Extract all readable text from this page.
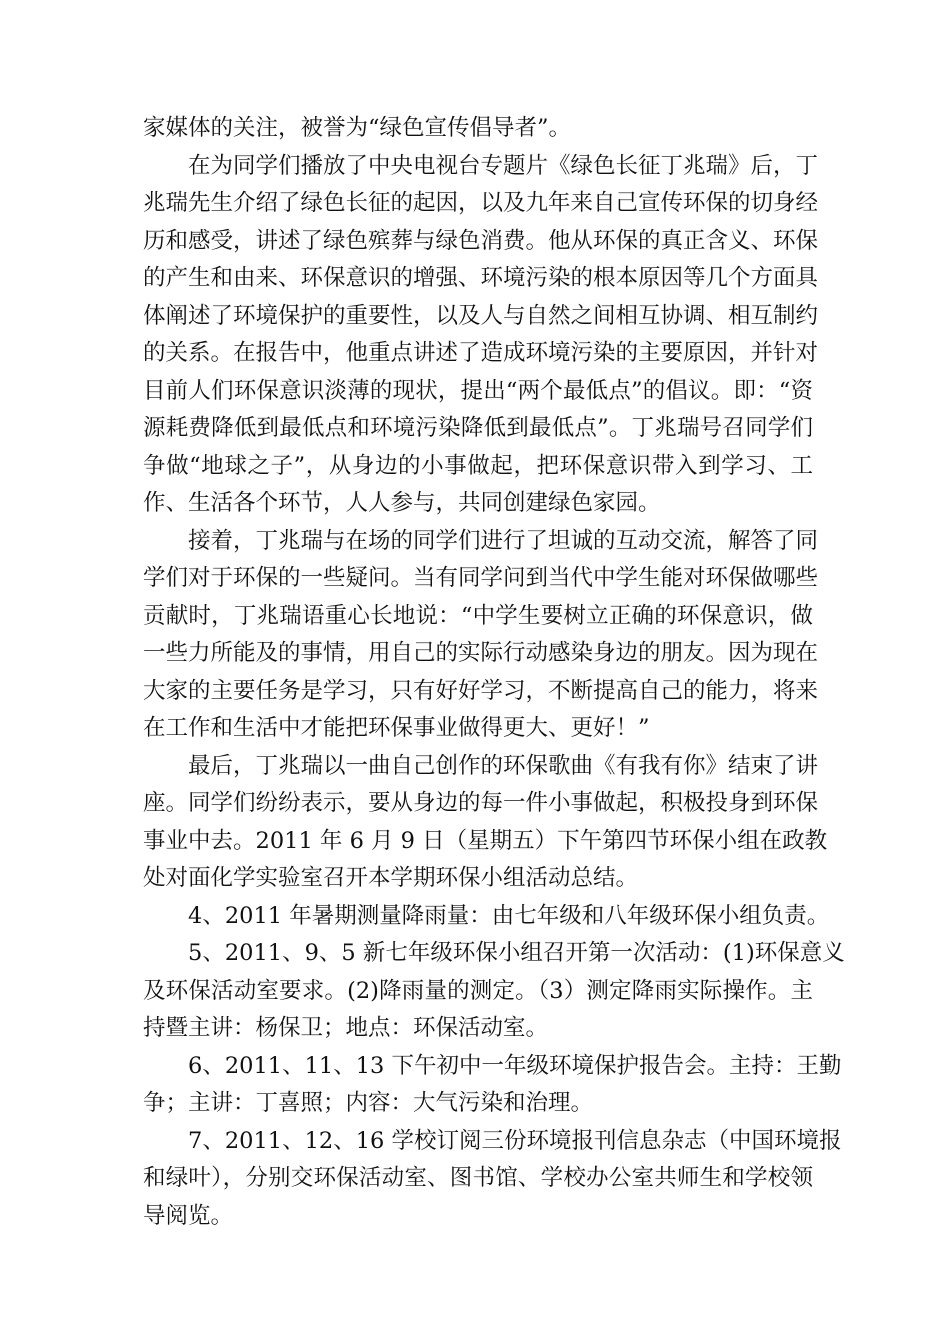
家媒体的关注，被誉为“绿色宣传倡导者”。
在为同学们播放了中央电视台专题片《绿色长征丁兆瑞》后，丁
兆瑞先生介绍了绿色长征的起因，以及九年来自己宣传环保的切身经
历和感受，讲述了绿色殡葬与绿色消费。他从环保的真正含义、环保
的产生和由来、环保意识的增强、环境污染的根本原因等几个方面具
体阐述了环境保护的重要性，以及人与自然之间相互协调、相互制约
的关系。在报告中，他重点讲述了造成环境污染的主要原因，并针对
目前人们环保意识淡薄的现状，提出“两个最低点”的倡议。即：“资
源耗费降低到最低点和环境污染降低到最低点”。丁兆瑞号召同学们
争做“地球之子”，从身边的小事做起，把环保意识带入到学习、工
作、生活各个环节，人人参与，共同创建绿色家园。
接着，丁兆瑞与在场的同学们进行了坦诚的互动交流，解答了同
学们对于环保的一些疑问。当有同学问到当代中学生能对环保做哪些
贡献时，丁兆瑞语重心长地说：“中学生要树立正确的环保意识，做
一些力所能及的事情，用自己的实际行动感染身边的朋友。因为现在
大家的主要任务是学习，只有好好学习，不断提高自己的能力，将来
在工作和生活中才能把环保事业做得更大、更好！”
最后，丁兆瑞以一曲自己创作的环保歌曲《有我有你》结束了讲
座。同学们纷纷表示，要从身边的每一件小事做起，积极投身到环保
事业中去。2011 年 6 月 9 日（星期五）下午第四节环保小组在政教
处对面化学实验室召开本学期环保小组活动总结。
4、2011 年暑期测量降雨量：由七年级和八年级环保小组负责。
5、2011、9、5 新七年级环保小组召开第一次活动：(1)环保意义
及环保活动室要求。(2)降雨量的测定。（3）测定降雨实际操作。主
持暨主讲：杨保卫；地点：环保活动室。
6、2011、11、13 下午初中一年级环境保护报告会。主持：王勤
争；主讲：丁喜照；内容：大气污染和治理。
7、2011、12、16 学校订阅三份环境报刊信息杂志（中国环境报
和绿叶），分别交环保活动室、图书馆、学校办公室共师生和学校领
导阅览。
